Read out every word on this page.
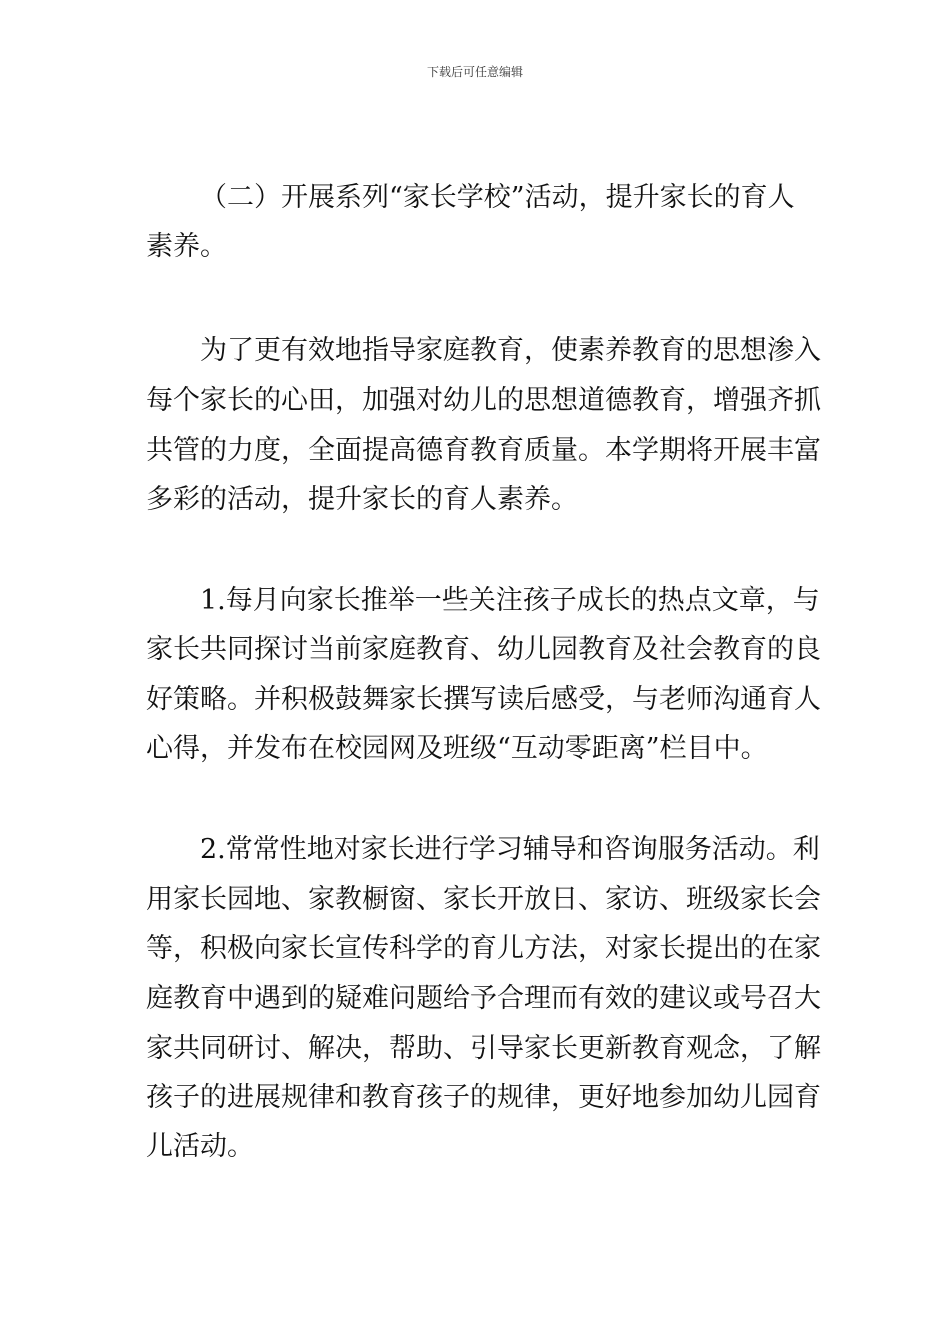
下载后可任意编辑
（二）开展系列“家长学校”活动，提升家长的育人
素养。
为了更有效地指导家庭教育，使素养教育的思想渗入
每个家长的心田，加强对幼儿的思想道德教育，增强齐抓
共管的力度，全面提高德育教育质量。本学期将开展丰富
多彩的活动，提升家长的育人素养。
1.每月向家长推举一些关注孩子成长的热点文章，与
家长共同探讨当前家庭教育、幼儿园教育及社会教育的良
好策略。并积极鼓舞家长撰写读后感受，与老师沟通育人
心得，并发布在校园网及班级“互动零距离”栏目中。
2.常常性地对家长进行学习辅导和咨询服务活动。利
用家长园地、家教橱窗、家长开放日、家访、班级家长会
等，积极向家长宣传科学的育儿方法，对家长提出的在家
庭教育中遇到的疑难问题给予合理而有效的建议或号召大
家共同研讨、解决，帮助、引导家长更新教育观念，了解
孩子的进展规律和教育孩子的规律，更好地参加幼儿园育
儿活动。
